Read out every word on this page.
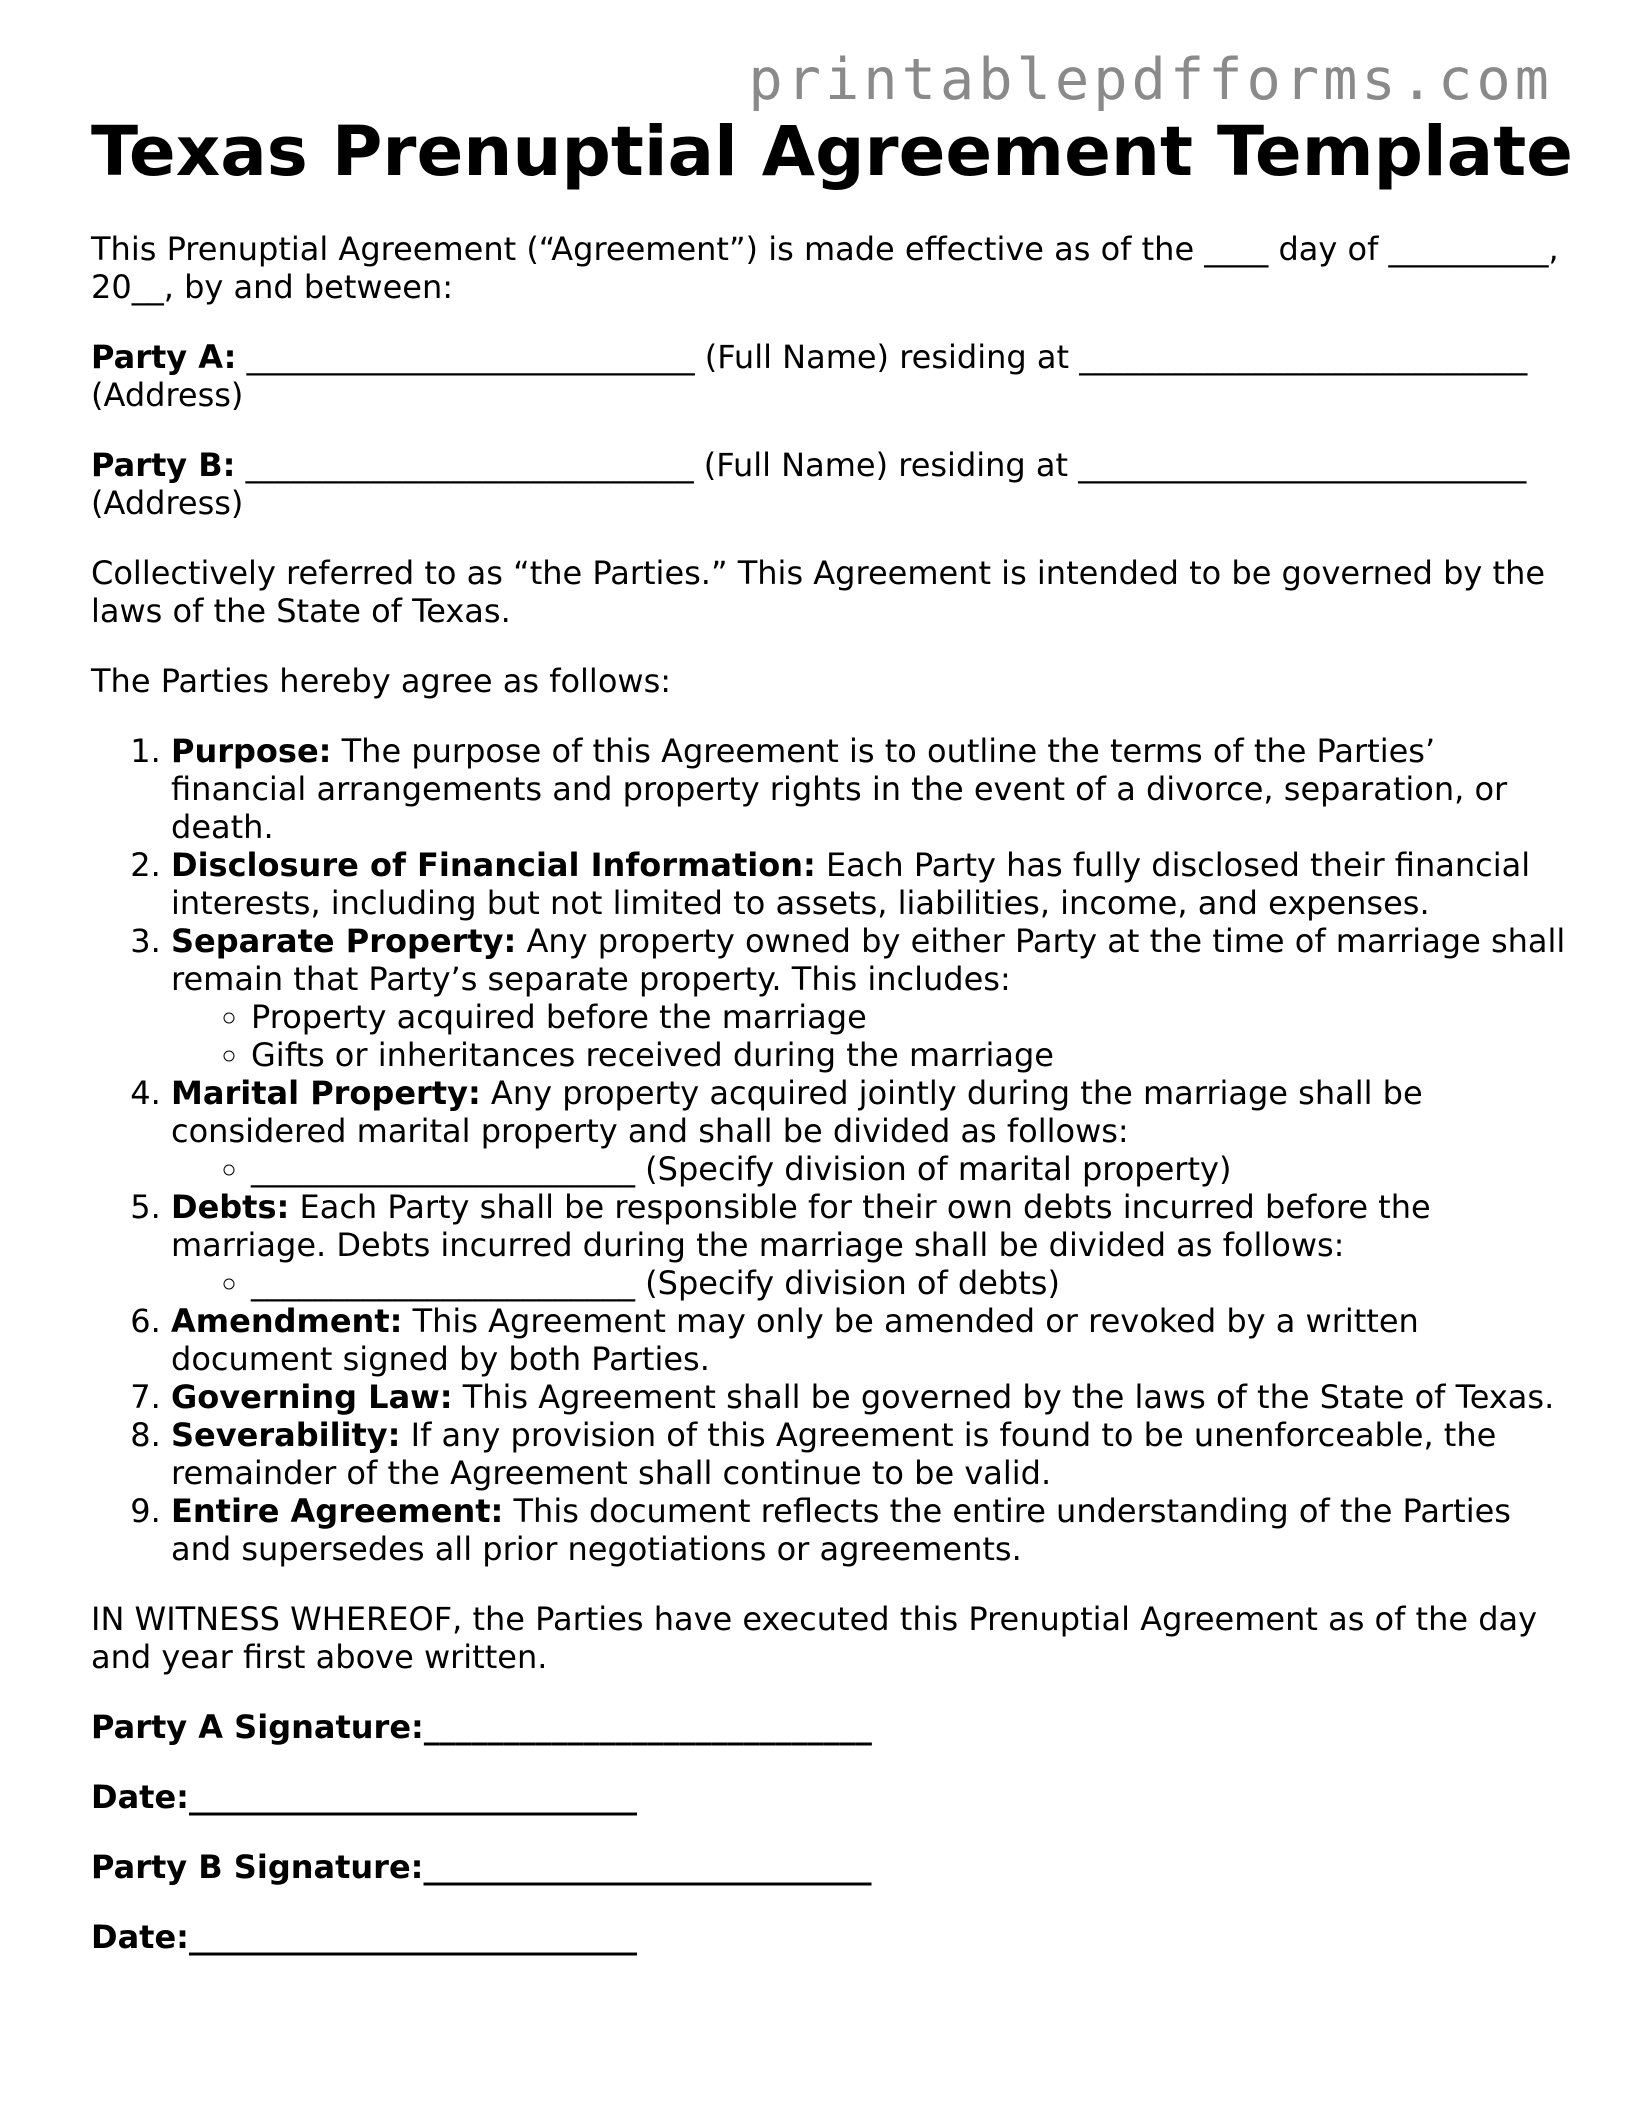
printablepdfforms.com
Texas Prenuptial Agreement Template

This Prenuptial Agreement (“Agreement”) is made effective as of the ____ day of __________, 20__, by and between:

Party A: ____________________________ (Full Name) residing at ____________________________ (Address)
Party B: ____________________________ (Full Name) residing at ____________________________ (Address)

Collectively referred to as “the Parties.” This Agreement is intended to be governed by the laws of the State of Texas.

The Parties hereby agree as follows:

1. Purpose: The purpose of this Agreement is to outline the terms of the Parties’ financial arrangements and property rights in the event of a divorce, separation, or death.
2. Disclosure of Financial Information: Each Party has fully disclosed their financial interests, including but not limited to assets, liabilities, income, and expenses.
3. Separate Property: Any property owned by either Party at the time of marriage shall remain that Party’s separate property. This includes:
◦ Property acquired before the marriage
◦ Gifts or inheritances received during the marriage
4. Marital Property: Any property acquired jointly during the marriage shall be considered marital property and shall be divided as follows:
◦ ________________________ (Specify division of marital property)
5. Debts: Each Party shall be responsible for their own debts incurred before the marriage. Debts incurred during the marriage shall be divided as follows:
◦ ________________________ (Specify division of debts)
6. Amendment: This Agreement may only be amended or revoked by a written document signed by both Parties.
7. Governing Law: This Agreement shall be governed by the laws of the State of Texas.
8. Severability: If any provision of this Agreement is found to be unenforceable, the remainder of the Agreement shall continue to be valid.
9. Entire Agreement: This document reflects the entire understanding of the Parties and supersedes all prior negotiations or agreements.

IN WITNESS WHEREOF, the Parties have executed this Prenuptial Agreement as of the day and year first above written.

Party A Signature:____________________________
Date:____________________________
Party B Signature:____________________________
Date:____________________________
